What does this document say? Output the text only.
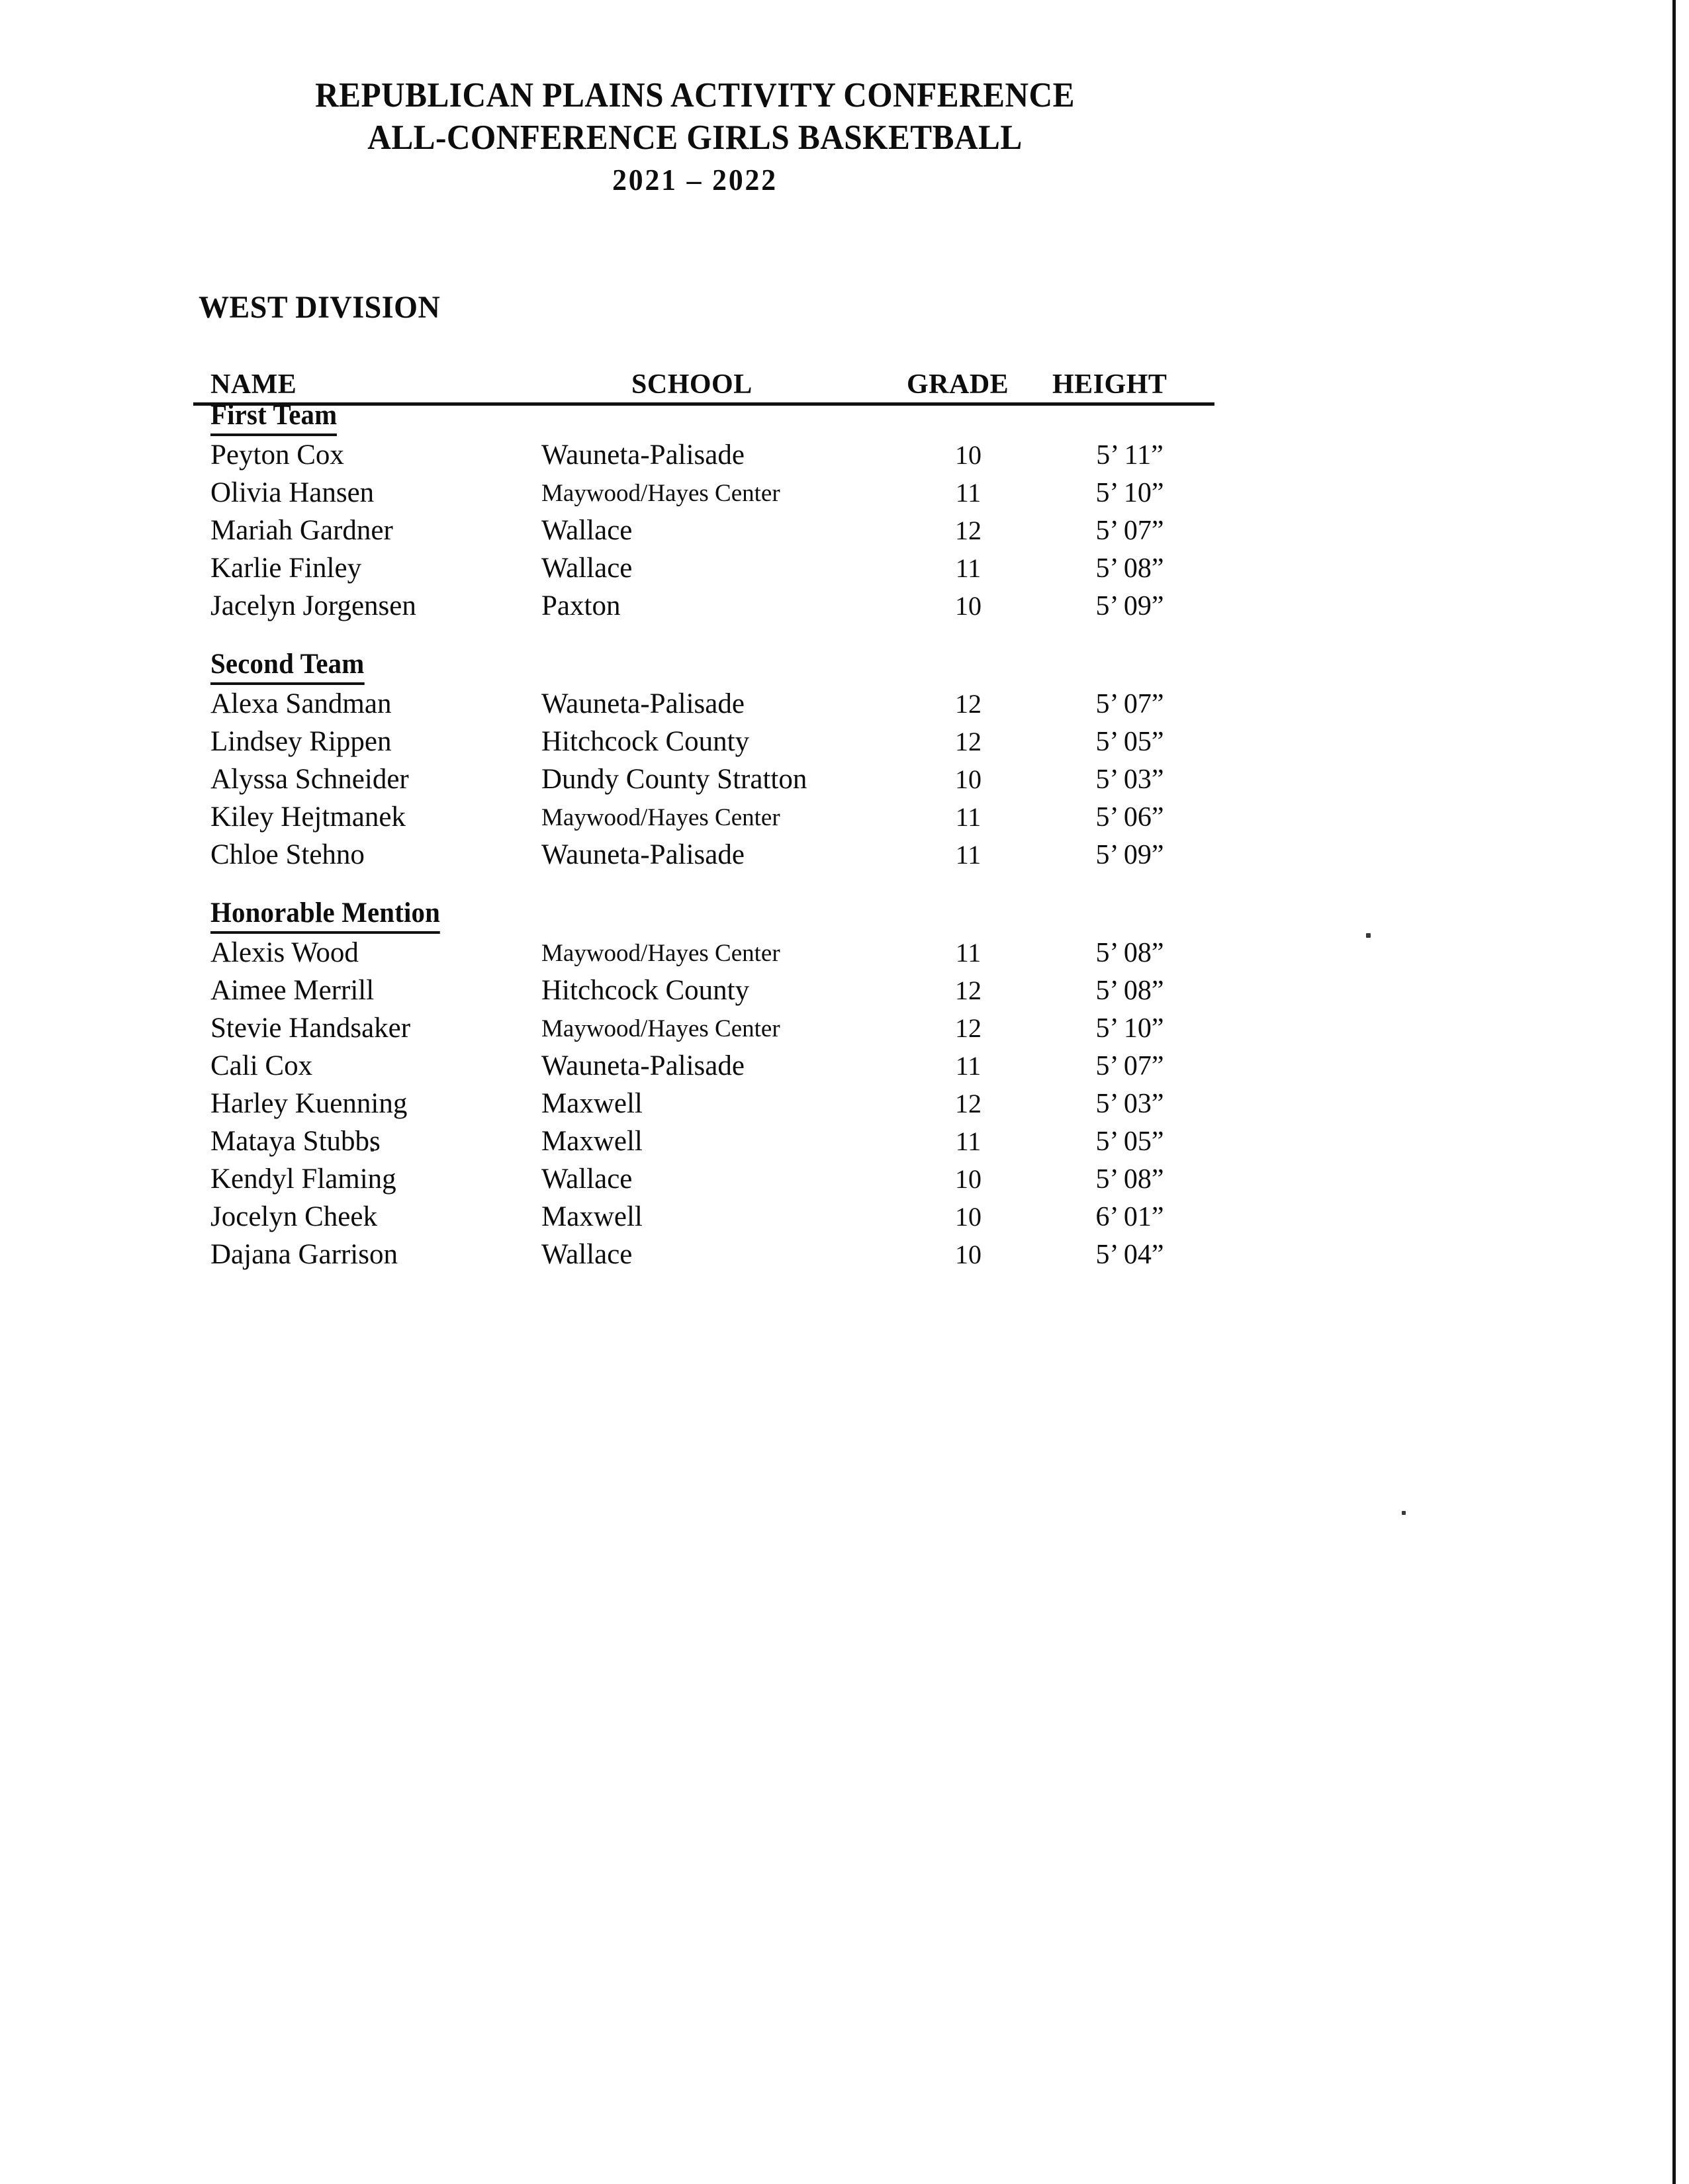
REPUBLICAN PLAINS ACTIVITY CONFERENCE
ALL-CONFERENCE GIRLS BASKETBALL
2021 – 2022
WEST DIVISION
NAME	SCHOOL	GRADE HEIGHT
First Team
Peyton Cox	Wauneta-Palisade	10	5’ 11”
Olivia Hansen	Maywood/Hayes Center	11	5’ 10”
Mariah Gardner	Wallace	12	5’ 07”
Karlie Finley	Wallace	11	5’ 08”
Jacelyn Jorgensen	Paxton	10	5’ 09”
Second Team
Alexa Sandman	Wauneta-Palisade	12	5’ 07”
Lindsey Rippen	Hitchcock County	12	5’ 05”
Alyssa Schneider	Dundy County Stratton	10	5’ 03”
Kiley Hejtmanek	Maywood/Hayes Center	11	5’ 06”
Chloe Stehno	Wauneta-Palisade	11	5’ 09”
Honorable Mention
Alexis Wood	Maywood/Hayes Center	11	5’ 08”
Aimee Merrill	Hitchcock County	12	5’ 08”
Stevie Handsaker	Maywood/Hayes Center	12	5’ 10”
Cali Cox	Wauneta-Palisade	11	5’ 07”
Harley Kuenning	Maxwell	12	5’ 03”
Mataya Stubbs	Maxwell	11	5’ 05”
Kendyl Flaming	Wallace	10	5’ 08”
Jocelyn Cheek	Maxwell	10	6’ 01”
Dajana Garrison	Wallace	10	5’ 04”
